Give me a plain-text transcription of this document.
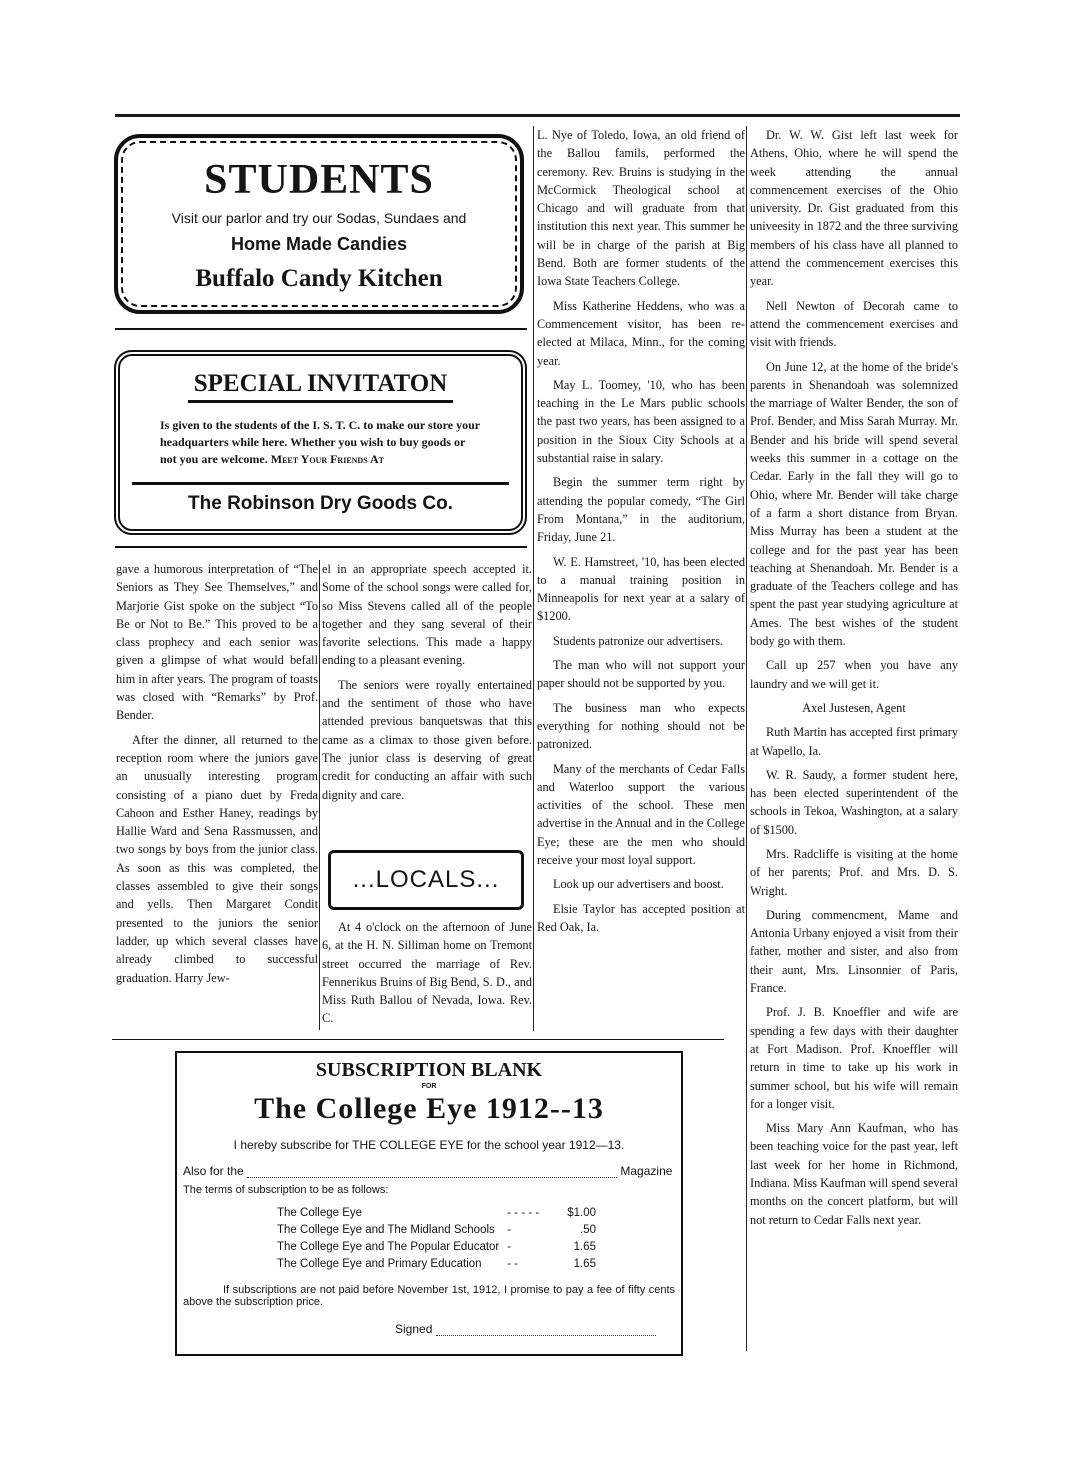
STUDENTS
Visit our parlor and try our Sodas, Sundaes and
Home Made Candies
Buffalo Candy Kitchen
SPECIAL INVITATON
Is given to the students of the I. S. T. C. to make our store your headquarters while here. Whether you wish to buy goods or not you are welcome. Meet Your Friends At
The Robinson Dry Goods Co.

gave a humorous interpretation of “The Seniors as They See Themselves,” and Marjorie Gist spoke on the subject “To Be or Not to Be.” This proved to be a class prophecy and each senior was given a glimpse of what would befall him in after years. The program of toasts was closed with “Remarks” by Prof. Bender.

After the dinner, all returned to the reception room where the juniors gave an unusually interesting program consisting of a piano duet by Freda Cahoon and Esther Haney, readings by Hallie Ward and Sena Rassmussen, and two songs by boys from the junior class. As soon as this was completed, the classes assembled to give their songs and yells. Then Margaret Condit presented to the juniors the senior ladder, up which several classes have already climbed to successful graduation. Harry Jew-

el in an appropriate speech accepted it. Some of the school songs were called for, so Miss Stevens called all of the people together and they sang several of their favorite selections. This made a happy ending to a pleasant evening.

The seniors were royally entertained and the sentiment of those who have attended previous banquetswas that this came as a climax to those given before. The junior class is deserving of great credit for conducting an affair with such dignity and care.

...LOCALS...

At 4 o'clock on the afternoon of June 6, at the H. N. Silliman home on Tremont street occurred the marriage of Rev. Fennerikus Bruins of Big Bend, S. D., and Miss Ruth Ballou of Nevada, Iowa. Rev. C.

L. Nye of Toledo, Iowa, an old friend of the Ballou famils, performed the ceremony. Rev. Bruins is studying in the McCormick Theological school at Chicago and will graduate from that institution this next year. This summer he will be in charge of the parish at Big Bend. Both are former students of the Iowa State Teachers College.

Miss Katherine Heddens, who was a Commencement visitor, has been re-elected at Milaca, Minn., for the coming year.

May L. Toomey, '10, who has been teaching in the Le Mars public schools the past two years, has been assigned to a position in the Sioux City Schools at a substantial raise in salary.

Begin the summer term right by attending the popular comedy, “The Girl From Montana,” in the auditorium, Friday, June 21.

W. E. Hamstreet, '10, has been elected to a manual training position in Minneapolis for next year at a salary of $1200.

Students patronize our advertisers.

The man who will not support your paper should not be supported by you.

The business man who expects everything for nothing should not be patronized.

Many of the merchants of Cedar Falls and Waterloo support the various activities of the school. These men advertise in the Annual and in the College Eye; these are the men who should receive your most loyal support.

Look up our advertisers and boost.

Elsie Taylor has accepted position at Red Oak, Ia.

Dr. W. W. Gist left last week for Athens, Ohio, where he will spend the week attending the annual commencement exercises of the Ohio university. Dr. Gist graduated from this univeesity in 1872 and the three surviving members of his class have all planned to attend the commencement exercises this year.

Nell Newton of Decorah came to attend the commencement exercises and visit with friends.

On June 12, at the home of the bride's parents in Shenandoah was solemnized the marriage of Walter Bender, the son of Prof. Bender, and Miss Sarah Murray. Mr. Bender and his bride will spend several weeks this summer in a cottage on the Cedar. Early in the fall they will go to Ohio, where Mr. Bender will take charge of a farm a short distance from Bryan. Miss Murray has been a student at the college and for the past year has been teaching at Shenandoah. Mr. Bender is a graduate of the Teachers college and has spent the past year studying agriculture at Ames. The best wishes of the student body go with them.

Call up 257 when you have any laundry and we will get it.

Axel Justesen, Agent

Ruth Martin has accepted first primary at Wapello, Ia.

W. R. Saudy, a former student here, has been elected superintendent of the schools in Tekoa, Washington, at a salary of $1500.

Mrs. Radcliffe is visiting at the home of her parents; Prof. and Mrs. D. S. Wright.

During commencment, Mame and Antonia Urbany enjoyed a visit from their father, mother and sister, and also from their aunt, Mrs. Linsonnier of Paris, France.

Prof. J. B. Knoeffler and wife are spending a few days with their daughter at Fort Madison. Prof. Knoeffler will return in time to take up his work in summer school, but his wife will remain for a longer visit.

Miss Mary Ann Kaufman, who has been teaching voice for the past year, left last week for her home in Richmond, Indiana. Miss Kaufman will spend several months on the concert platform, but will not return to Cedar Falls next year.

SUBSCRIPTION BLANK
FOR
The College Eye 1912--13
I hereby subscribe for THE COLLEGE EYE for the school year 1912—13.
Also for the	Magazine
The terms of subscription to be as follows:
The College Eye	- - - - -	$1.00
The College Eye and The Midland Schools	-	.50
The College Eye and The Popular Educator	-	1.65
The College Eye and Primary Education	- -	1.65
If subscriptions are not paid before November 1st, 1912, I promise to pay a fee of fifty cents above the subscription price.
Signed
